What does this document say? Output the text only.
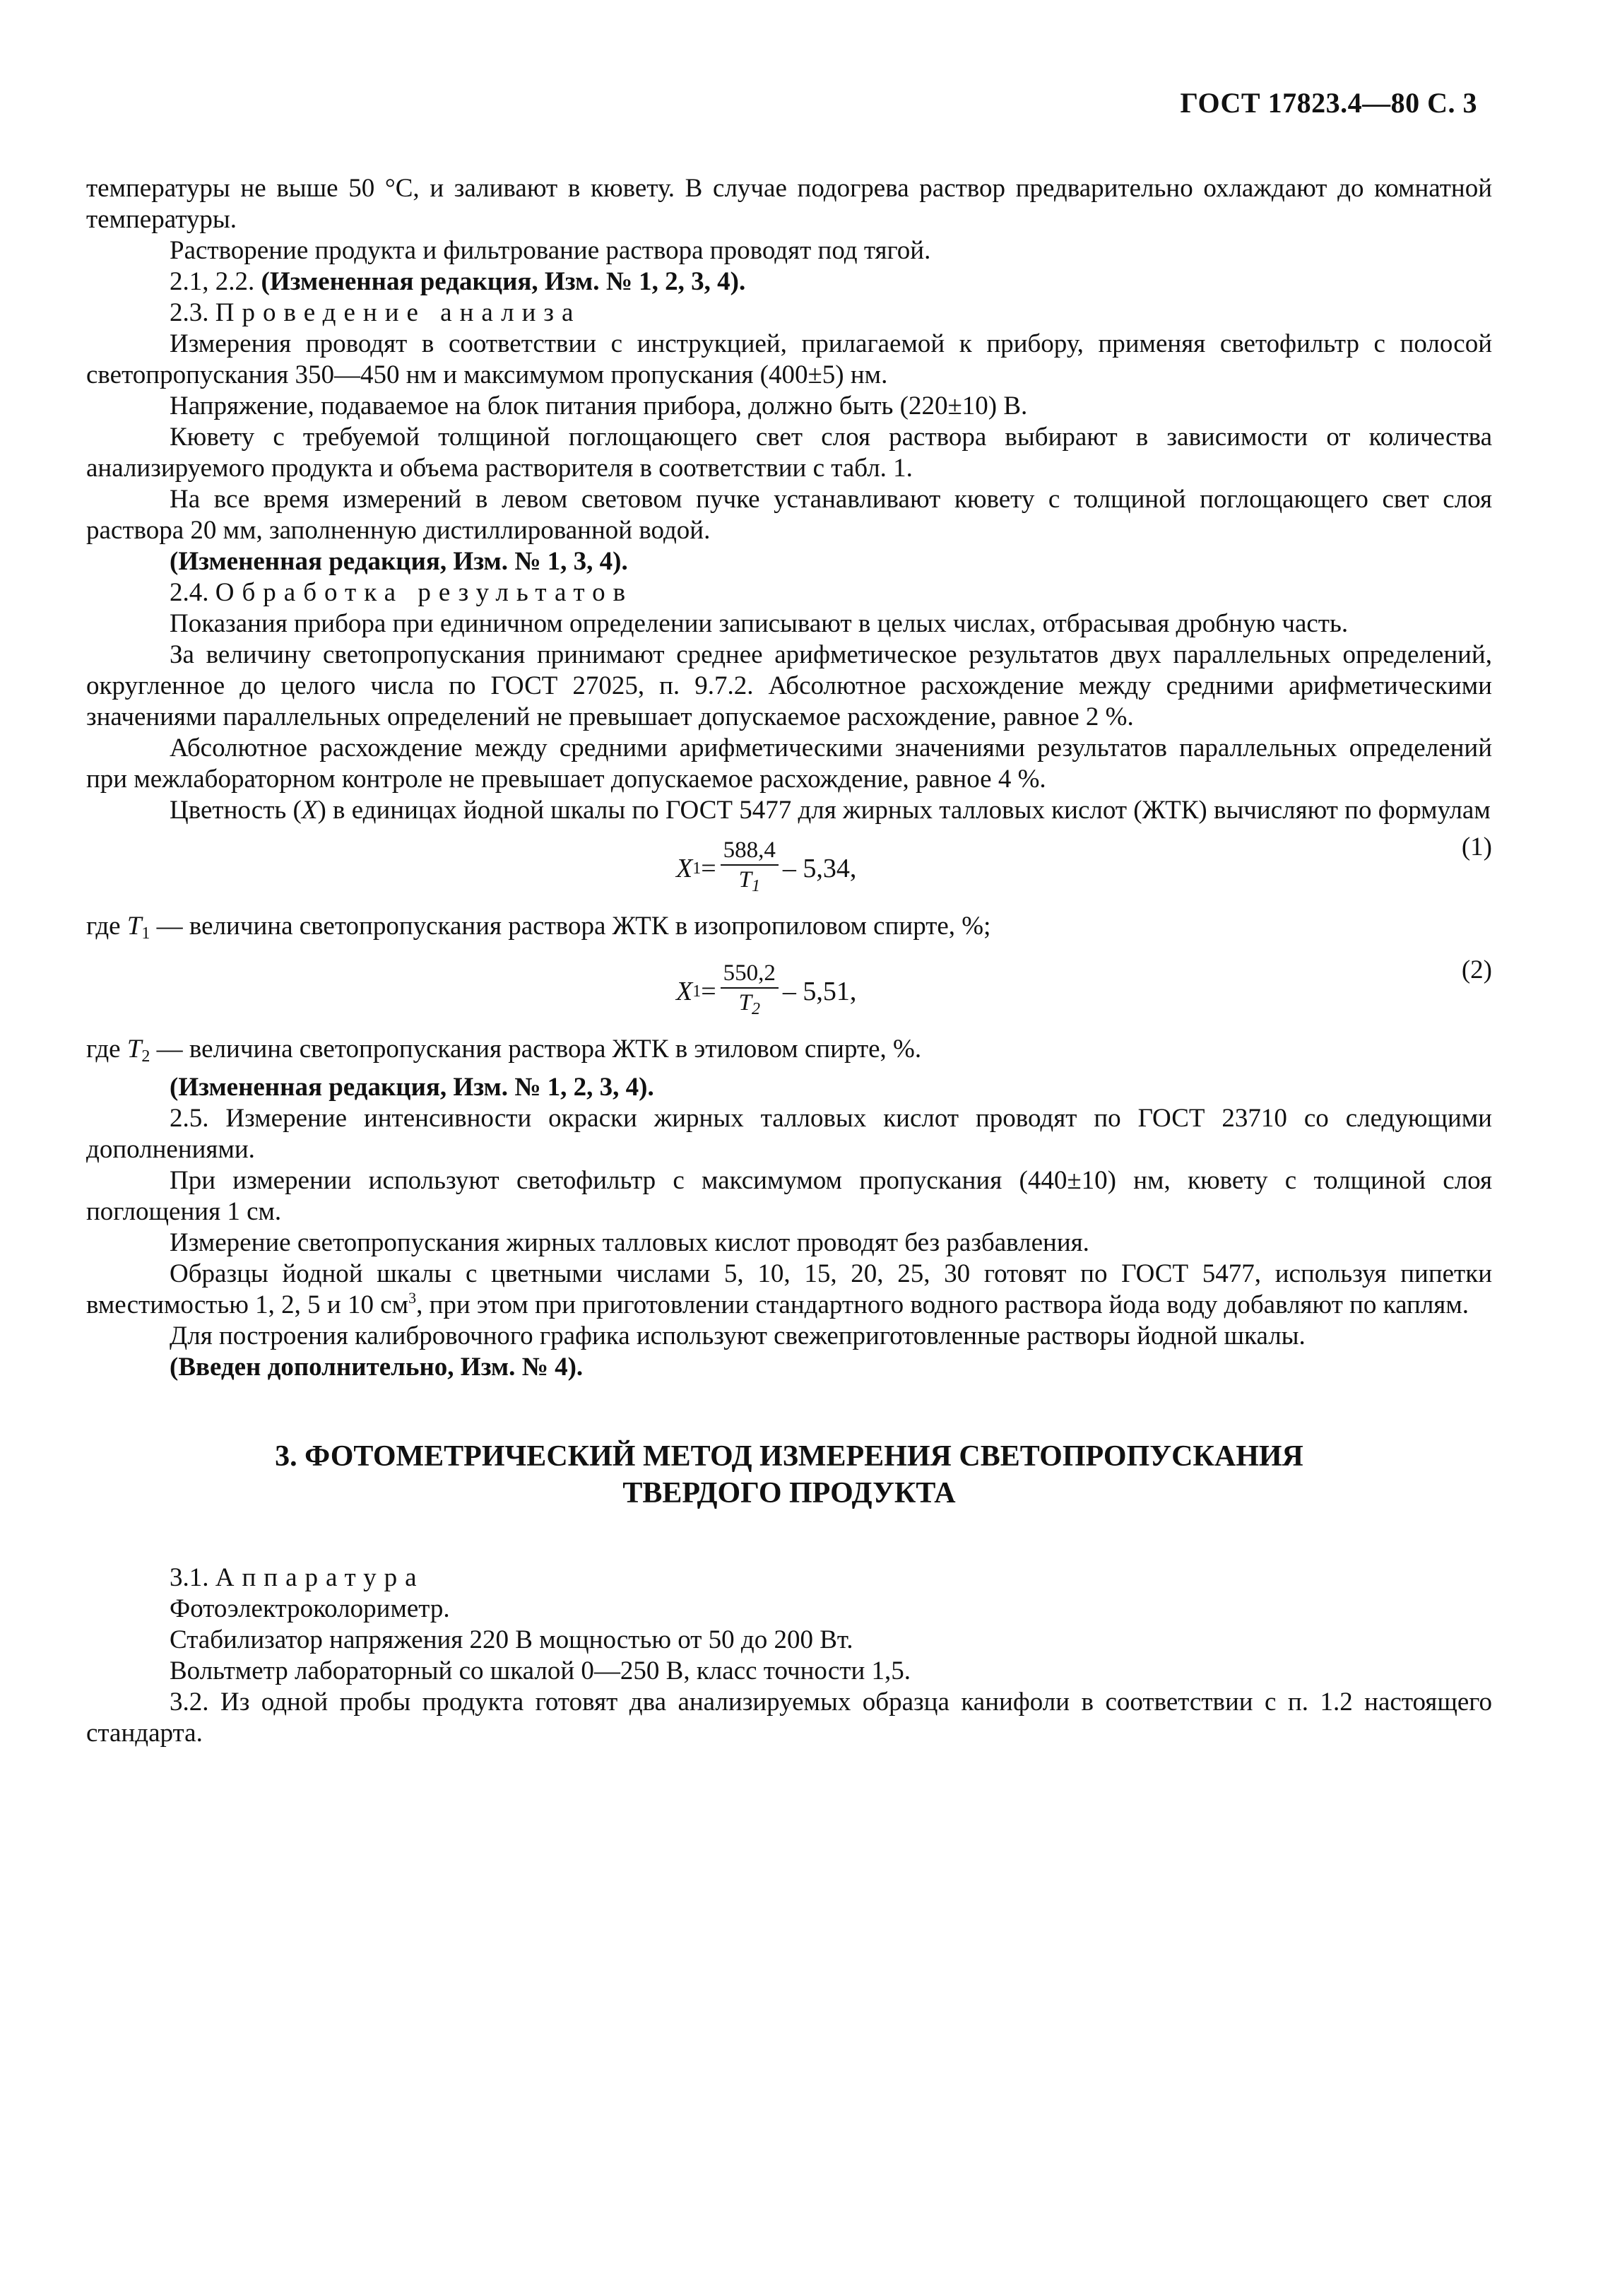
ГОСТ 17823.4—80 С. 3

температуры не выше 50 °С, и заливают в кювету. В случае подогрева раствор предварительно охлаждают до комнатной температуры.

Растворение продукта и фильтрование раствора проводят под тягой.

2.1, 2.2. (Измененная редакция, Изм. № 1, 2, 3, 4).

2.3. Проведение анализа

Измерения проводят в соответствии с инструкцией, прилагаемой к прибору, применяя светофильтр с полосой светопропускания 350—450 нм и максимумом пропускания (400±5) нм.

Напряжение, подаваемое на блок питания прибора, должно быть (220±10) В.

Кювету с требуемой толщиной поглощающего свет слоя раствора выбирают в зависимости от количества анализируемого продукта и объема растворителя в соответствии с табл. 1.

На все время измерений в левом световом пучке устанавливают кювету с толщиной поглощающего свет слоя раствора 20 мм, заполненную дистиллированной водой.

(Измененная редакция, Изм. № 1, 3, 4).

2.4. Обработка результатов

Показания прибора при единичном определении записывают в целых числах, отбрасывая дробную часть.

За величину светопропускания принимают среднее арифметическое результатов двух параллельных определений, округленное до целого числа по ГОСТ 27025, п. 9.7.2. Абсолютное расхождение между средними арифметическими значениями параллельных определений не превышает допускаемое расхождение, равное 2 %.

Абсолютное расхождение между средними арифметическими значениями результатов параллельных определений при межлабораторном контроле не превышает допускаемое расхождение, равное 4 %.

Цветность (X) в единицах йодной шкалы по ГОСТ 5477 для жирных талловых кислот (ЖТК) вычисляют по формулам

X $1 = \frac{588,4}{T_1} - 5,34$,
(1)

где $T_1$ — величина светопропускания раствора ЖТК в изопропиловом спирте, %;

X $1 = \frac{550,2}{T_2} - 5,51$,
(2)

где $T_2$ — величина светопропускания раствора ЖТК в этиловом спирте, %.

(Измененная редакция, Изм. № 1, 2, 3, 4).

2.5. Измерение интенсивности окраски жирных талловых кислот проводят по ГОСТ 23710 со следующими дополнениями.

При измерении используют светофильтр с максимумом пропускания (440±10) нм, кювету с толщиной слоя поглощения 1 см.

Измерение светопропускания жирных талловых кислот проводят без разбавления.

Образцы йодной шкалы с цветными числами 5, 10, 15, 20, 25, 30 готовят по ГОСТ 5477, используя пипетки вместимостью 1, 2, 5 и 10 $см^3$, при этом при приготовлении стандартного водного раствора йода воду добавляют по каплям.

Для построения калибровочного графика используют свежеприготовленные растворы йодной шкалы.

(Введен дополнительно, Изм. № 4).

3. ФОТОМЕТРИЧЕСКИЙ МЕТОД ИЗМЕРЕНИЯ СВЕТОПРОПУСКАНИЯ
ТВЕРДОГО ПРОДУКТА

3.1. Аппаратура

Фотоэлектроколориметр.

Стабилизатор напряжения 220 В мощностью от 50 до 200 Вт.

Вольтметр лабораторный со шкалой 0—250 В, класс точности 1,5.

3.2. Из одной пробы продукта готовят два анализируемых образца канифоли в соответствии с п. 1.2 настоящего стандарта.
